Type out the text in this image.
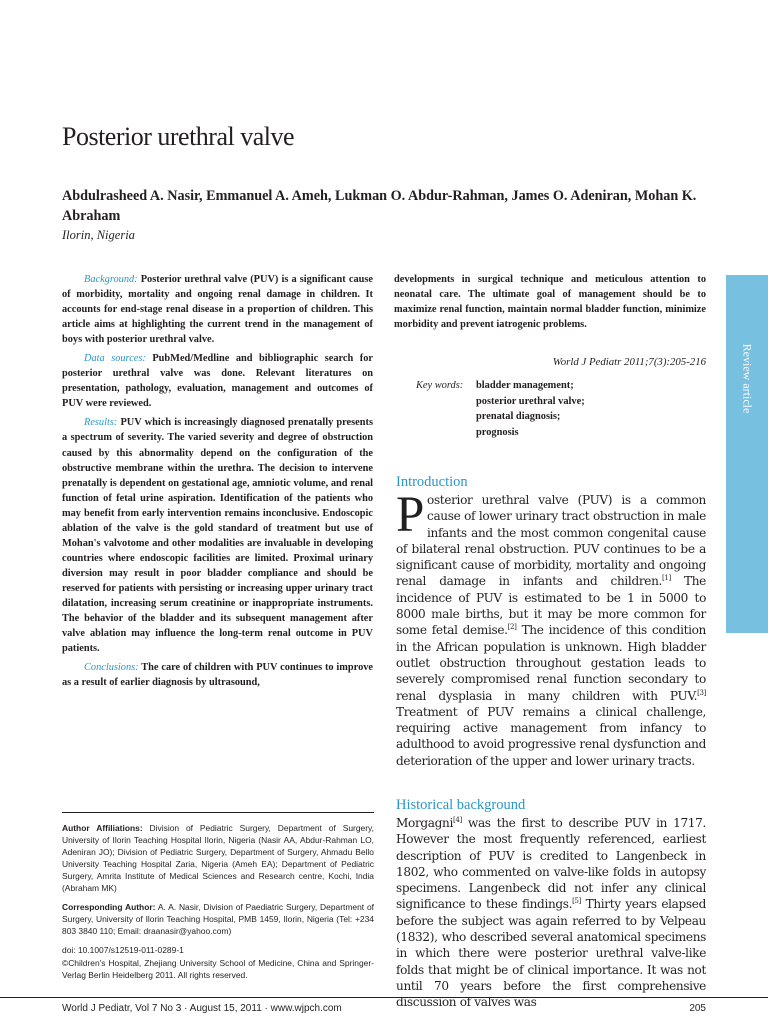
Posterior urethral valve
Abdulrasheed A. Nasir, Emmanuel A. Ameh, Lukman O. Abdur-Rahman, James O. Adeniran, Mohan K. Abraham
Ilorin, Nigeria
Review article

Background: Posterior urethral valve (PUV) is a significant cause of morbidity, mortality and ongoing renal damage in children. It accounts for end-stage renal disease in a proportion of children. This article aims at highlighting the current trend in the management of boys with posterior urethral valve.

Data sources: PubMed/Medline and bibliographic search for posterior urethral valve was done. Relevant literatures on presentation, pathology, evaluation, management and outcomes of PUV were reviewed.

Results: PUV which is increasingly diagnosed prenatally presents a spectrum of severity. The varied severity and degree of obstruction caused by this abnormality depend on the configuration of the obstructive membrane within the urethra. The decision to intervene prenatally is dependent on gestational age, amniotic volume, and renal function of fetal urine aspiration. Identification of the patients who may benefit from early intervention remains inconclusive. Endoscopic ablation of the valve is the gold standard of treatment but use of Mohan's valvotome and other modalities are invaluable in developing countries where endoscopic facilities are limited. Proximal urinary diversion may result in poor bladder compliance and should be reserved for patients with persisting or increasing upper urinary tract dilatation, increasing serum creatinine or inappropriate instruments. The behavior of the bladder and its subsequent management after valve ablation may influence the long-term renal outcome in PUV patients.

Conclusions: The care of children with PUV continues to improve as a result of earlier diagnosis by ultrasound,

developments in surgical technique and meticulous attention to neonatal care. The ultimate goal of management should be to maximize renal function, maintain normal bladder function, minimize morbidity and prevent iatrogenic problems.
World J Pediatr 2011;7(3):205-216
Key words: bladder management;
posterior urethral valve;
prenatal diagnosis;
prognosis
Introduction
Posterior urethral valve (PUV) is a common cause of lower urinary tract obstruction in male infants and the most common congenital cause of bilateral renal obstruction. PUV continues to be a significant cause of morbidity, mortality and ongoing renal damage in infants and children.[1] The incidence of PUV is estimated to be 1 in 5000 to 8000 male births, but it may be more common for some fetal demise.[2] The incidence of this condition in the African population is unknown. High bladder outlet obstruction throughout gestation leads to severely compromised renal function secondary to renal dysplasia in many children with PUV.[3] Treatment of PUV remains a clinical challenge, requiring active management from infancy to adulthood to avoid progressive renal dysfunction and deterioration of the upper and lower urinary tracts.
Historical background
Morgagni[4] was the first to describe PUV in 1717. However the most frequently referenced, earliest description of PUV is credited to Langenbeck in 1802, who commented on valve-like folds in autopsy specimens. Langenbeck did not infer any clinical significance to these findings.[5] Thirty years elapsed before the subject was again referred to by Velpeau (1832), who described several anatomical specimens in which there were posterior urethral valve-like folds that might be of clinical importance. It was not until 70 years before the first comprehensive discussion of valves was

Author Affiliations: Division of Pediatric Surgery, Department of Surgery, University of Ilorin Teaching Hospital Ilorin, Nigeria (Nasir AA, Abdur-Rahman LO, Adeniran JO); Division of Pediatric Surgery, Department of Surgery, Ahmadu Bello University Teaching Hospital Zaria, Nigeria (Ameh EA); Department of Pediatric Surgery, Amrita Institute of Medical Sciences and Research centre, Kochi, India (Abraham MK)

Corresponding Author: A. A. Nasir, Division of Paediatric Surgery, Department of Surgery, University of Ilorin Teaching Hospital, PMB 1459, Ilorin, Nigeria (Tel: +234 803 3840 110; Email: draanasir@yahoo.com)

doi: 10.1007/s12519-011-0289-1

©Children's Hospital, Zhejiang University School of Medicine, China and Springer-Verlag Berlin Heidelberg 2011. All rights reserved.

World J Pediatr, Vol 7 No 3 · August 15, 2011 · www.wjpch.com	205
